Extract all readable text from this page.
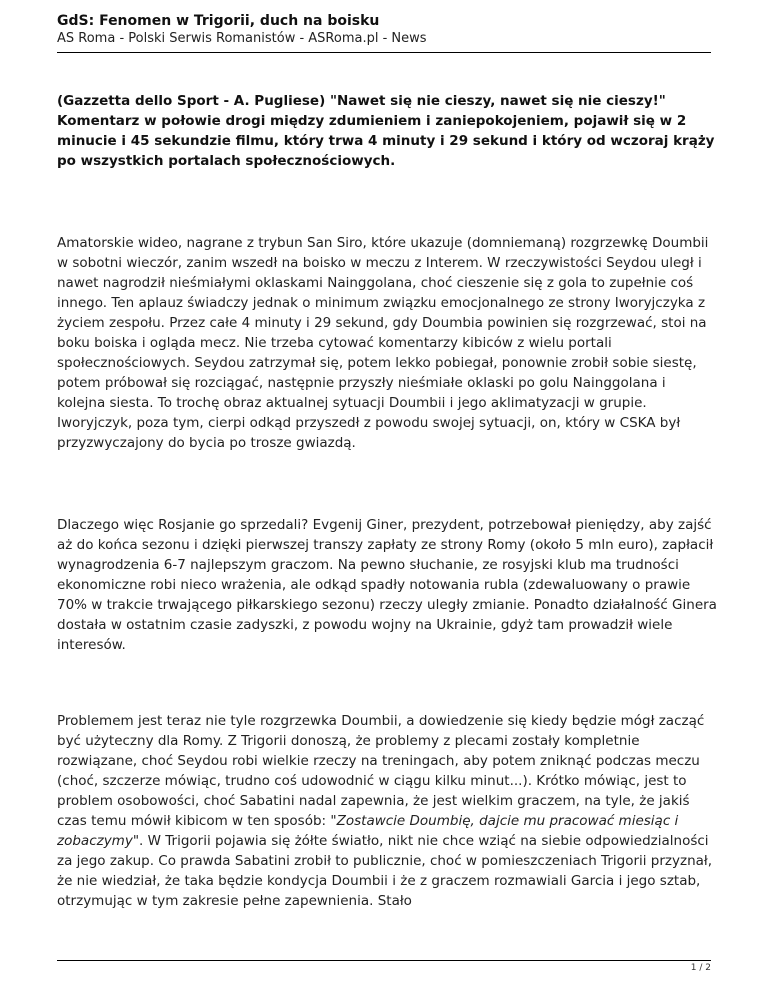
GdS: Fenomen w Trigorii, duch na boisku
AS Roma - Polski Serwis Romanistów - ASRoma.pl - News
(Gazzetta dello Sport - A. Pugliese) "Nawet się nie cieszy, nawet się nie cieszy!" Komentarz w połowie drogi między zdumieniem i zaniepokojeniem, pojawił się w 2 minucie i 45 sekundzie filmu, który trwa 4 minuty i 29 sekund i który od wczoraj krąży po wszystkich portalach społecznościowych.
Amatorskie wideo, nagrane z trybun San Siro, które ukazuje (domniemaną) rozgrzewkę Doumbii w sobotni wieczór, zanim wszedł na boisko w meczu z Interem. W rzeczywistości Seydou uległ i nawet nagrodził nieśmiałymi oklaskami Nainggolana, choć cieszenie się z gola to zupełnie coś innego. Ten aplauz świadczy jednak o minimum związku emocjonalnego ze strony Iworyjczyka z życiem zespołu. Przez całe 4 minuty i 29 sekund, gdy Doumbia powinien się rozgrzewać, stoi na boku boiska i ogląda mecz. Nie trzeba cytować komentarzy kibiców z wielu portali społecznościowych. Seydou zatrzymał się, potem lekko pobiegał, ponownie zrobił sobie siestę, potem próbował się rozciągać, następnie przyszły nieśmiałe oklaski po golu Nainggolana i kolejna siesta. To trochę obraz aktualnej sytuacji Doumbii i jego aklimatyzacji w grupie. Iworyjczyk, poza tym, cierpi odkąd przyszedł z powodu swojej sytuacji, on, który w CSKA był przyzwyczajony do bycia po trosze gwiazdą.
Dlaczego więc Rosjanie go sprzedali? Evgenij Giner, prezydent, potrzebował pieniędzy, aby zajść aż do końca sezonu i dzięki pierwszej transzy zapłaty ze strony Romy (około 5 mln euro), zapłacił wynagrodzenia 6-7 najlepszym graczom. Na pewno słuchanie, ze rosyjski klub ma trudności ekonomiczne robi nieco wrażenia, ale odkąd spadły notowania rubla (zdewaluowany o prawie 70% w trakcie trwającego piłkarskiego sezonu) rzeczy uległy zmianie. Ponadto działalność Ginera dostała w ostatnim czasie zadyszki, z powodu wojny na Ukrainie, gdyż tam prowadził wiele interesów.
Problemem jest teraz nie tyle rozgrzewka Doumbii, a dowiedzenie się kiedy będzie mógł zacząć być użyteczny dla Romy. Z Trigorii donoszą, że problemy z plecami zostały kompletnie rozwiązane, choć Seydou robi wielkie rzeczy na treningach, aby potem zniknąć podczas meczu (choć, szczerze mówiąc, trudno coś udowodnić w ciągu kilku minut...). Krótko mówiąc, jest to problem osobowości, choć Sabatini nadal zapewnia, że jest wielkim graczem, na tyle, że jakiś czas temu mówił kibicom w ten sposób: "Zostawcie Doumbię, dajcie mu pracować miesiąc i zobaczymy". W Trigorii pojawia się żółte światło, nikt nie chce wziąć na siebie odpowiedzialności za jego zakup. Co prawda Sabatini zrobił to publicznie, choć w pomieszczeniach Trigorii przyznał, że nie wiedział, że taka będzie kondycja Doumbii i że z graczem rozmawiali Garcia i jego sztab, otrzymując w tym zakresie pełne zapewnienia. Stało
1 / 2
